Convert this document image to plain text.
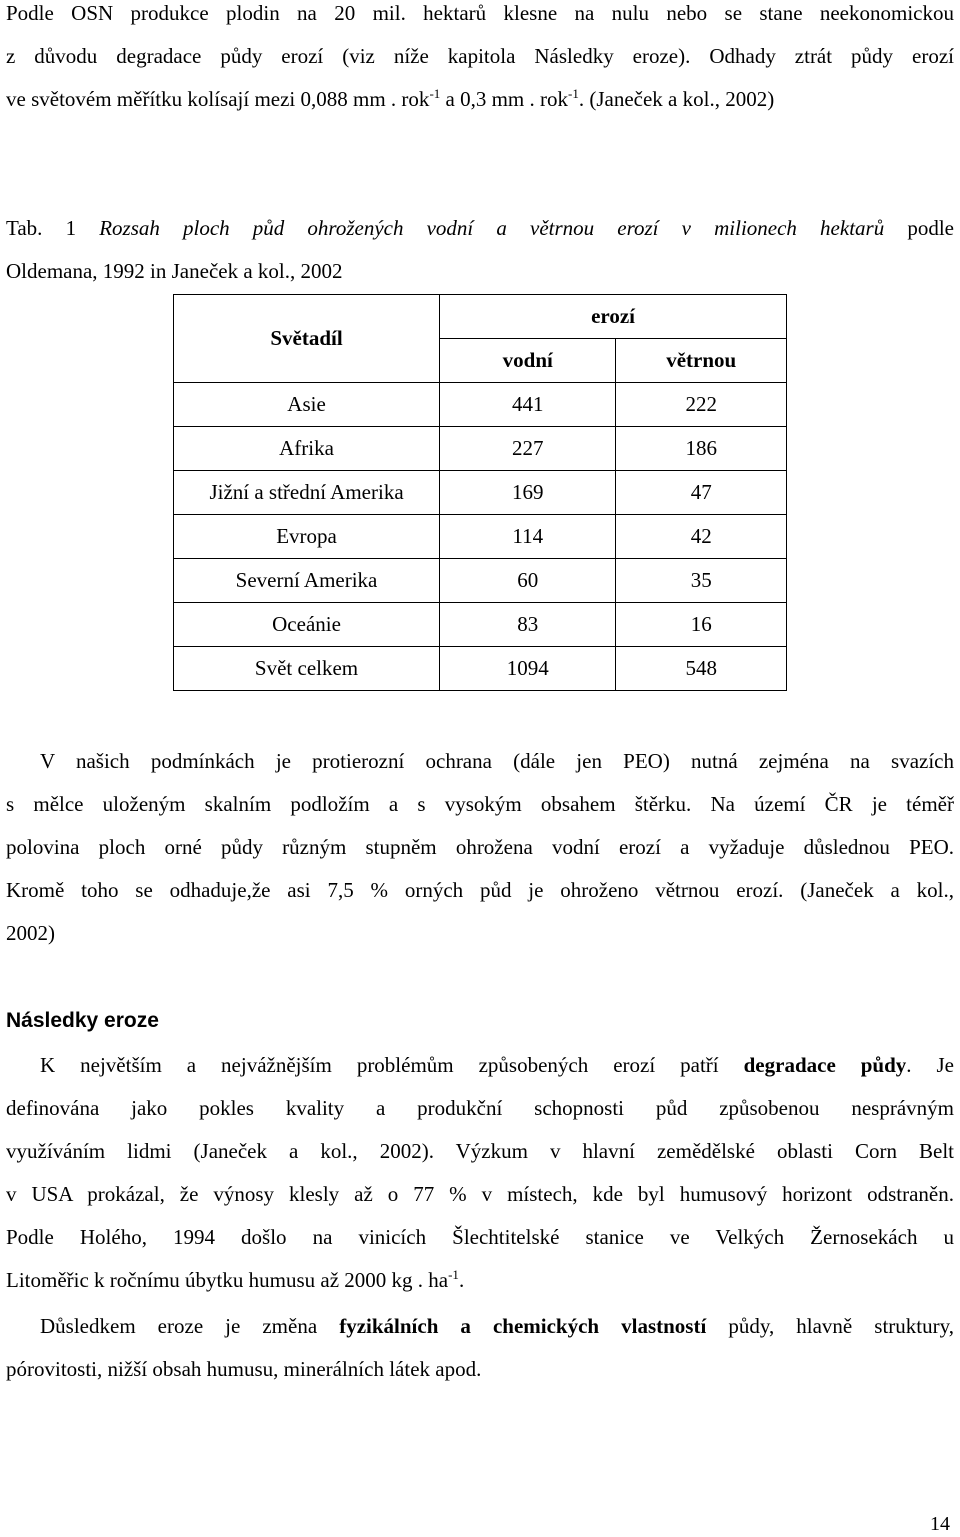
Podle OSN produkce plodin na 20 mil. hektarů klesne na nulu nebo se stane neekonomickou
z důvodu degradace půdy erozí (viz níže kapitola Následky eroze). Odhady ztrát půdy erozí
ve světovém měřítku kolísají mezi 0,088 mm . rok$^{-1}$ a 0,3 mm . rok$^{-1}$. (Janeček a kol., 2002)
Tab. 1 Rozsah ploch půd ohrožených vodní a větrnou erozí v milionech hektarů podle
Oldemana, 1992 in Janeček a kol., 2002
Světadíl	erozí	
	vodní	větrnou
Asie	441	222
Afrika	227	186
Jižní a střední Amerika	169	47
Evropa	114	42
Severní Amerika	60	35
Oceánie	83	16
Svět celkem	1094	548
V našich podmínkách je protierozní ochrana (dále jen PEO) nutná zejména na svazích
s mělce uloženým skalním podložím a s vysokým obsahem štěrku. Na území ČR je téměř
polovina ploch orné půdy různým stupněm ohrožena vodní erozí a vyžaduje důslednou PEO.
Kromě toho se odhaduje,že asi 7,5 % orných půd je ohroženo větrnou erozí. (Janeček a kol.,
2002)
Následky eroze
K největším a nejvážnějším problémům způsobených erozí patří degradace půdy. Je
definována jako pokles kvality a produkční schopnosti půd způsobenou nesprávným
využíváním lidmi (Janeček a kol., 2002). Výzkum v hlavní zemědělské oblasti Corn Belt
v USA prokázal, že výnosy klesly až o 77 % v místech, kde byl humusový horizont odstraněn.
Podle Holého, 1994 došlo na vinicích Šlechtitelské stanice ve Velkých Žernosekách u
Litoměřic k ročnímu úbytku humusu až 2000 kg . $ha^{-1}$.
Důsledkem eroze je změna fyzikálních a chemických vlastností půdy, hlavně struktury,
pórovitosti, nižší obsah humusu, minerálních látek apod.
14
